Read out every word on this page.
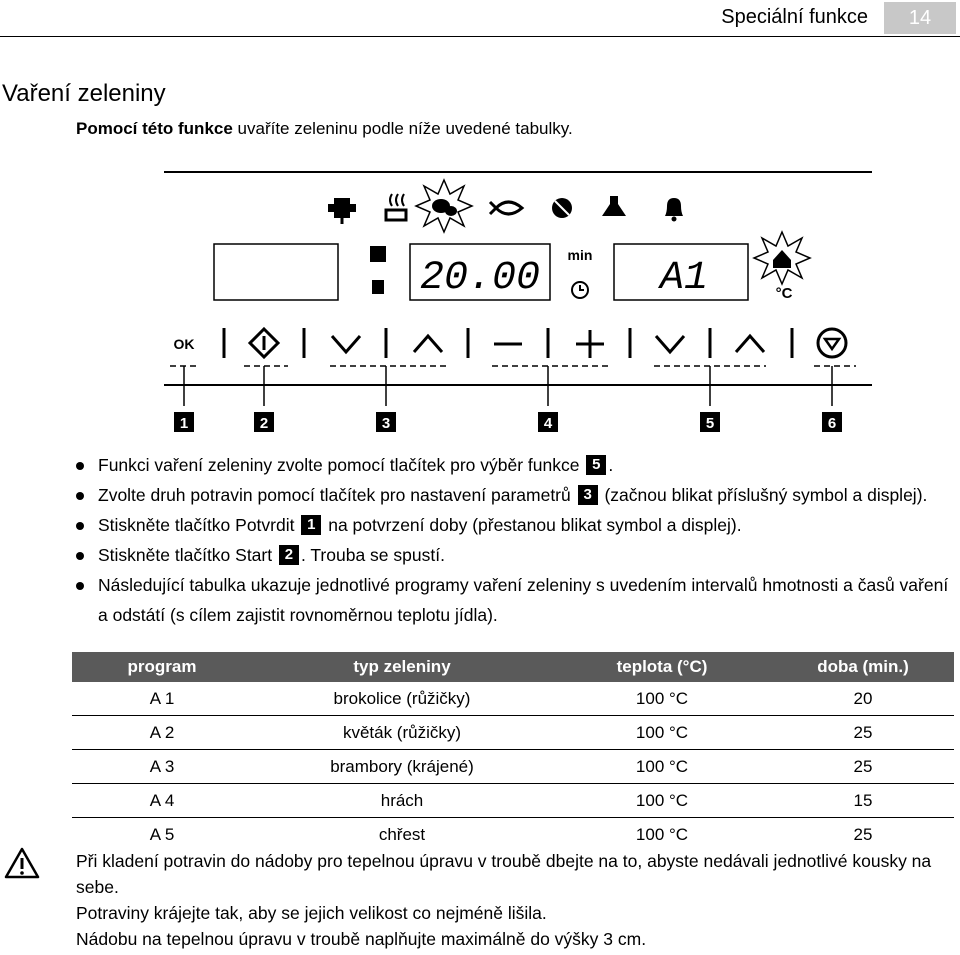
Speciální funkce	14
Vaření zeleniny
Pomocí této funkce uvaříte zeleninu podle níže uvedené tabulky.
20.00
min
A1	°C
OK
1	2	3	4	5	6
Funkci vaření zeleniny zvolte pomocí tlačítek pro výběr funkce 5 .
Zvolte druh potravin pomocí tlačítek pro nastavení parametrů 3 (začnou blikat příslušný symbol a displej).
Stiskněte tlačítko Potvrdit 1 na potvrzení doby (přestanou blikat symbol a displej).
Stiskněte tlačítko Start 2 . Trouba se spustí.
Následující tabulka ukazuje jednotlivé programy vaření zeleniny s uvedením intervalů hmotnosti a časů vaření a odstátí (s cílem zajistit rovnoměrnou teplotu jídla).
program	typ zeleniny	teplota (°C)	doba (min.)
A 1	brokolice (růžičky)	100 °C	20
A 2	květák (růžičky)	100 °C	25
A 3	brambory (krájené)	100 °C	25
A 4	hrách	100 °C	15
A 5	chřest	100 °C	25

Při kladení potravin do nádoby pro tepelnou úpravu v troubě dbejte na to, abyste nedávali jednotlivé kousky na sebe.

Potraviny krájejte tak, aby se jejich velikost co nejméně lišila.

Nádobu na tepelnou úpravu v troubě naplňujte maximálně do výšky 3 cm.
